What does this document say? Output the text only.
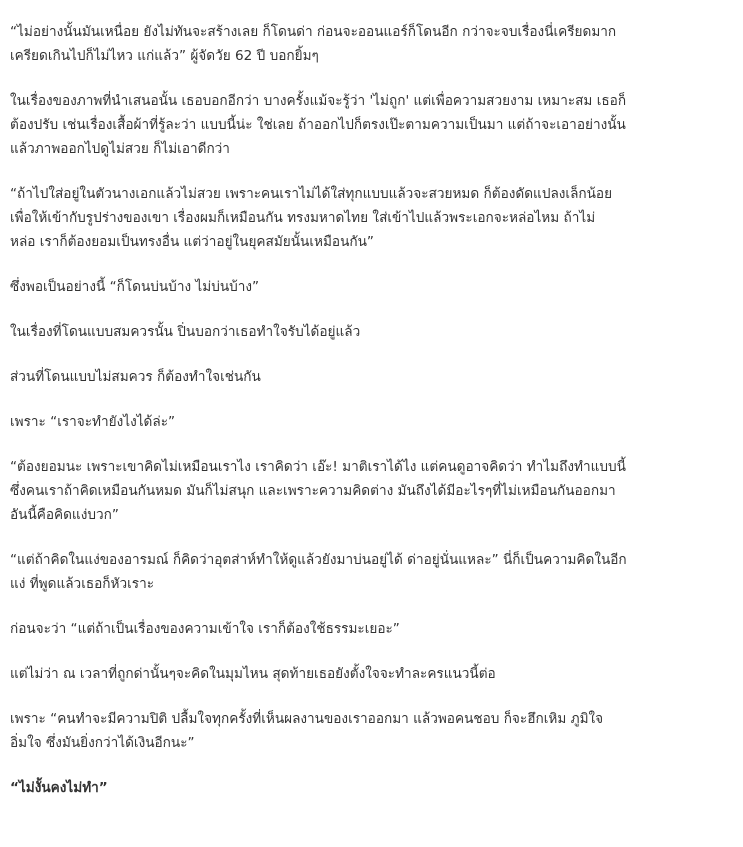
“ไม่อย่างนั้นมันเหนื่อย ยังไม่ทันจะสร้างเลย ก็โดนด่า ก่อนจะออนแอร์ก็โดนอีก กว่าจะจบเรื่องนี่เครียดมาก
เครียดเกินไปก็ไม่ไหว แก่แล้ว” ผู้จัดวัย 62 ปี บอกยิ้มๆ

ในเรื่องของภาพที่นำเสนอนั้น เธอบอกอีกว่า บางครั้งแม้จะรู้ว่า 'ไม่ถูก' แต่เพื่อความสวยงาม เหมาะสม เธอก็
ต้องปรับ เช่นเรื่องเสื้อผ้าที่รู้ละว่า แบบนี้น่ะ ใช่เลย ถ้าออกไปก็ตรงเป๊ะตามความเป็นมา แต่ถ้าจะเอาอย่างนั้น
แล้วภาพออกไปดูไม่สวย ก็ไม่เอาดีกว่า

“ถ้าไปใส่อยู่ในตัวนางเอกแล้วไม่สวย เพราะคนเราไม่ได้ใส่ทุกแบบแล้วจะสวยหมด ก็ต้องดัดแปลงเล็กน้อย
เพื่อให้เข้ากับรูปร่างของเขา เรื่องผมก็เหมือนกัน ทรงมหาดไทย ใส่เข้าไปแล้วพระเอกจะหล่อไหม ถ้าไม่
หล่อ เราก็ต้องยอมเป็นทรงอื่น แต่ว่าอยู่ในยุคสมัยนั้นเหมือนกัน”

ซึ่งพอเป็นอย่างนี้ “ก็โดนบ่นบ้าง ไม่บ่นบ้าง”

ในเรื่องที่โดนแบบสมควรนั้น ปิ่นบอกว่าเธอทำใจรับได้อยู่แล้ว

ส่วนที่โดนแบบไม่สมควร ก็ต้องทำใจเช่นกัน

เพราะ “เราจะทำยังไงได้ล่ะ”

“ต้องยอมนะ เพราะเขาคิดไม่เหมือนเราไง เราคิดว่า เอ๊ะ! มาติเราได้ไง แต่คนดูอาจคิดว่า ทำไมถึงทำแบบนี้
ซึ่งคนเราถ้าคิดเหมือนกันหมด มันก็ไม่สนุก และเพราะความคิดต่าง มันถึงได้มีอะไรๆที่ไม่เหมือนกันออกมา
อันนี้คือคิดแง่บวก”

“แต่ถ้าคิดในแง่ของอารมณ์ ก็คิดว่าอุตส่าห์ทำให้ดูแล้วยังมาบ่นอยู่ได้ ด่าอยู่นั่นแหละ” นี่ก็เป็นความคิดในอีก
แง่ ที่พูดแล้วเธอก็หัวเราะ

ก่อนจะว่า “แต่ถ้าเป็นเรื่องของความเข้าใจ เราก็ต้องใช้ธรรมะเยอะ”

แต่ไม่ว่า ณ เวลาที่ถูกด่านั้นๆจะคิดในมุมไหน สุดท้ายเธอยังตั้งใจจะทำละครแนวนี้ต่อ

เพราะ “คนทำจะมีความปิติ ปลื้มใจทุกครั้งที่เห็นผลงานของเราออกมา แล้วพอคนชอบ ก็จะฮึกเหิม ภูมิใจ
อิ่มใจ ซึ่งมันยิ่งกว่าได้เงินอีกนะ”

“ไม่งั้นคงไม่ทำ”
